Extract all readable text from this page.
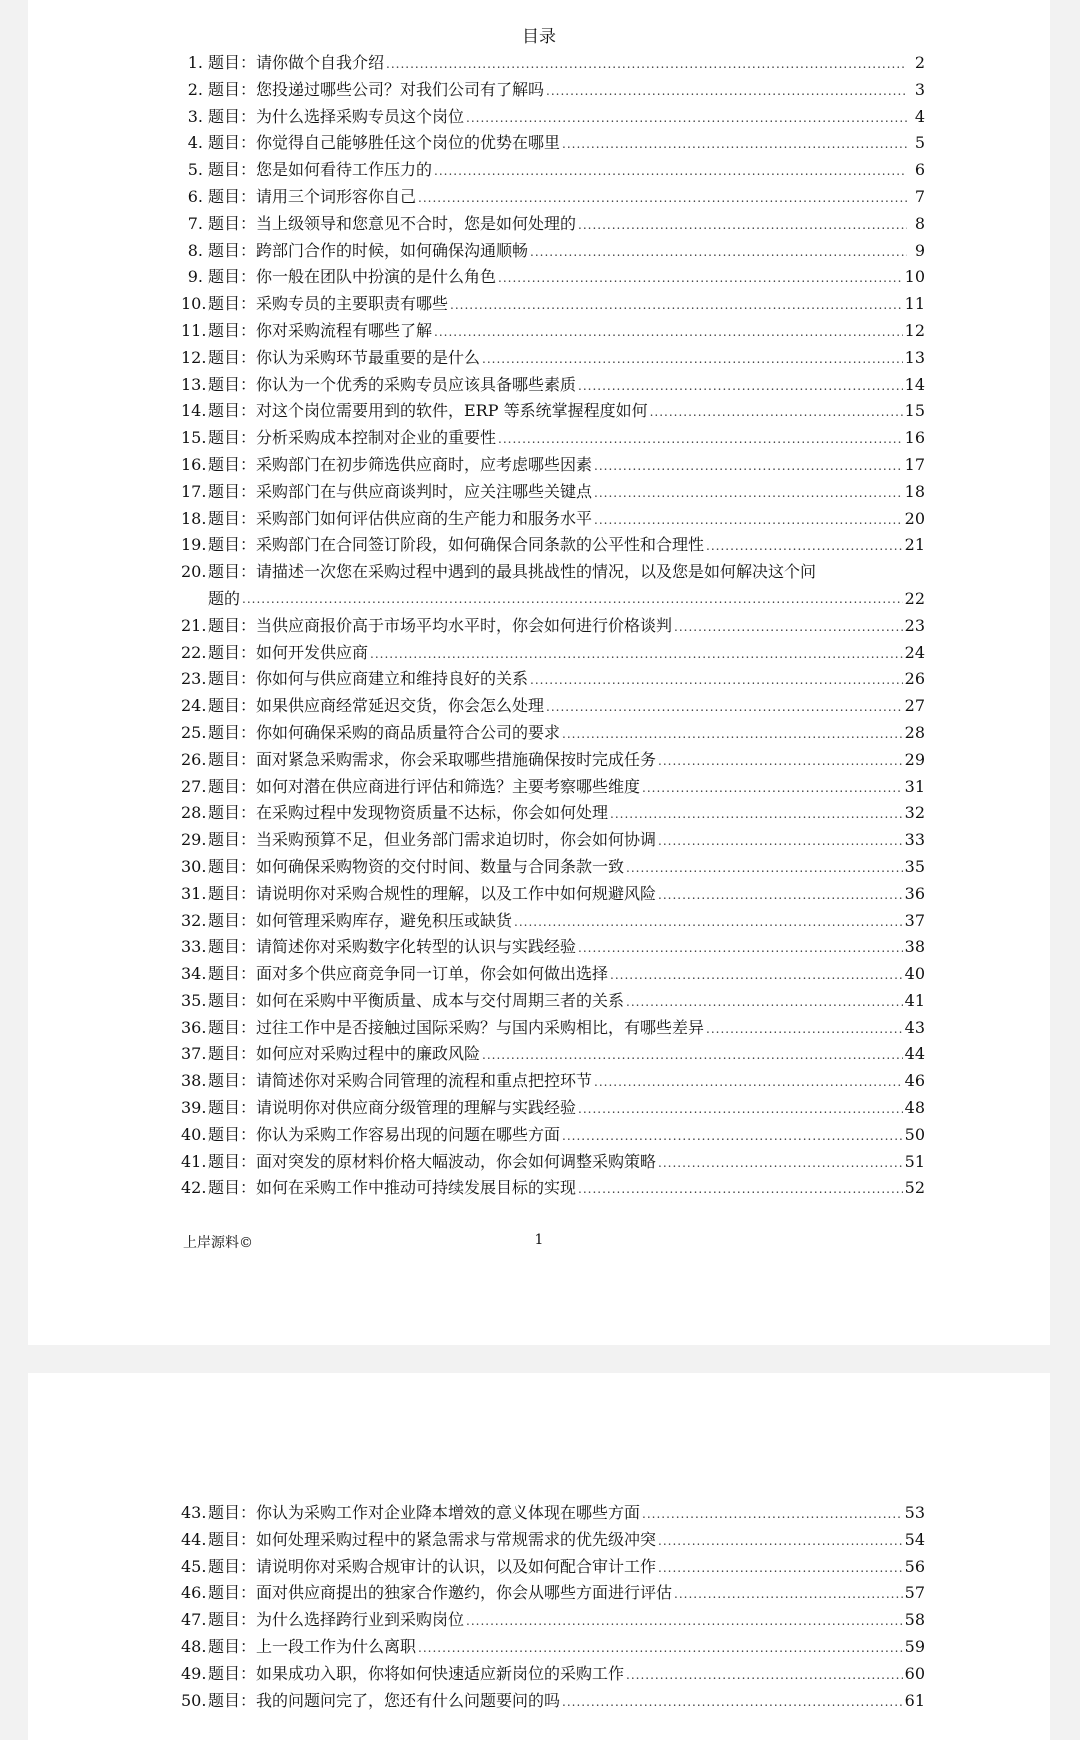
目录
1. 题目：请你做个自我介绍 .....	2
2. 题目：您投递过哪些公司？对我们公司有了解吗 .....	3
3. 题目：为什么选择采购专员这个岗位 .....	4
4. 题目：你觉得自己能够胜任这个岗位的优势在哪里 .....	5
5. 题目：您是如何看待工作压力的 .....	6
6. 题目：请用三个词形容你自己 .....	7
7. 题目：当上级领导和您意见不合时，您是如何处理的 .....	8
8. 题目：跨部门合作的时候，如何确保沟通顺畅 .....	9
9. 题目：你一般在团队中扮演的是什么角色 .....	10
10. 题目：采购专员的主要职责有哪些 .....	11
11. 题目：你对采购流程有哪些了解 .....	12
12. 题目：你认为采购环节最重要的是什么 .....	13
13. 题目：你认为一个优秀的采购专员应该具备哪些素质 .....	14
14. 题目：对这个岗位需要用到的软件，ERP 等系统掌握程度如何 .....	15
15. 题目：分析采购成本控制对企业的重要性 .....	16
16. 题目：采购部门在初步筛选供应商时，应考虑哪些因素 .....	17
17. 题目：采购部门在与供应商谈判时，应关注哪些关键点 .....	18
18. 题目：采购部门如何评估供应商的生产能力和服务水平 .....	20
19. 题目：采购部门在合同签订阶段，如何确保合同条款的公平性和合理性 .....	21
20. 题目：请描述一次您在采购过程中遇到的最具挑战性的情况，以及您是如何解决这个问
题的 .....	22
21. 题目：当供应商报价高于市场平均水平时，你会如何进行价格谈判 .....	23
22. 题目：如何开发供应商 .....	24
23. 题目：你如何与供应商建立和维持良好的关系 .....	26
24. 题目：如果供应商经常延迟交货，你会怎么处理 .....	27
25. 题目：你如何确保采购的商品质量符合公司的要求 .....	28
26. 题目：面对紧急采购需求，你会采取哪些措施确保按时完成任务 .....	29
27. 题目：如何对潜在供应商进行评估和筛选？主要考察哪些维度 .....	31
28. 题目：在采购过程中发现物资质量不达标，你会如何处理 .....	32
29. 题目：当采购预算不足，但业务部门需求迫切时，你会如何协调 .....	33
30. 题目：如何确保采购物资的交付时间、数量与合同条款一致 .....	35
31. 题目：请说明你对采购合规性的理解，以及工作中如何规避风险 .....	36
32. 题目：如何管理采购库存，避免积压或缺货 .....	37
33. 题目：请简述你对采购数字化转型的认识与实践经验 .....	38
34. 题目：面对多个供应商竞争同一订单，你会如何做出选择 .....	40
35. 题目：如何在采购中平衡质量、成本与交付周期三者的关系 .....	41
36. 题目：过往工作中是否接触过国际采购？与国内采购相比，有哪些差异 .....	43
37. 题目：如何应对采购过程中的廉政风险 .....	44
38. 题目：请简述你对采购合同管理的流程和重点把控环节 .....	46
39. 题目：请说明你对供应商分级管理的理解与实践经验 .....	48
40. 题目：你认为采购工作容易出现的问题在哪些方面 .....	50
41. 题目：面对突发的原材料价格大幅波动，你会如何调整采购策略 .....	51
42. 题目：如何在采购工作中推动可持续发展目标的实现 .....	52
上岸源料©	1
43. 题目：你认为采购工作对企业降本增效的意义体现在哪些方面 .....	53
44. 题目：如何处理采购过程中的紧急需求与常规需求的优先级冲突 .....	54
45. 题目：请说明你对采购合规审计的认识，以及如何配合审计工作 .....	56
46. 题目：面对供应商提出的独家合作邀约，你会从哪些方面进行评估 .....	57
47. 题目：为什么选择跨行业到采购岗位 .....	58
48. 题目：上一段工作为什么离职 .....	59
49. 题目：如果成功入职，你将如何快速适应新岗位的采购工作 .....	60
50. 题目：我的问题问完了，您还有什么问题要问的吗 .....	61
